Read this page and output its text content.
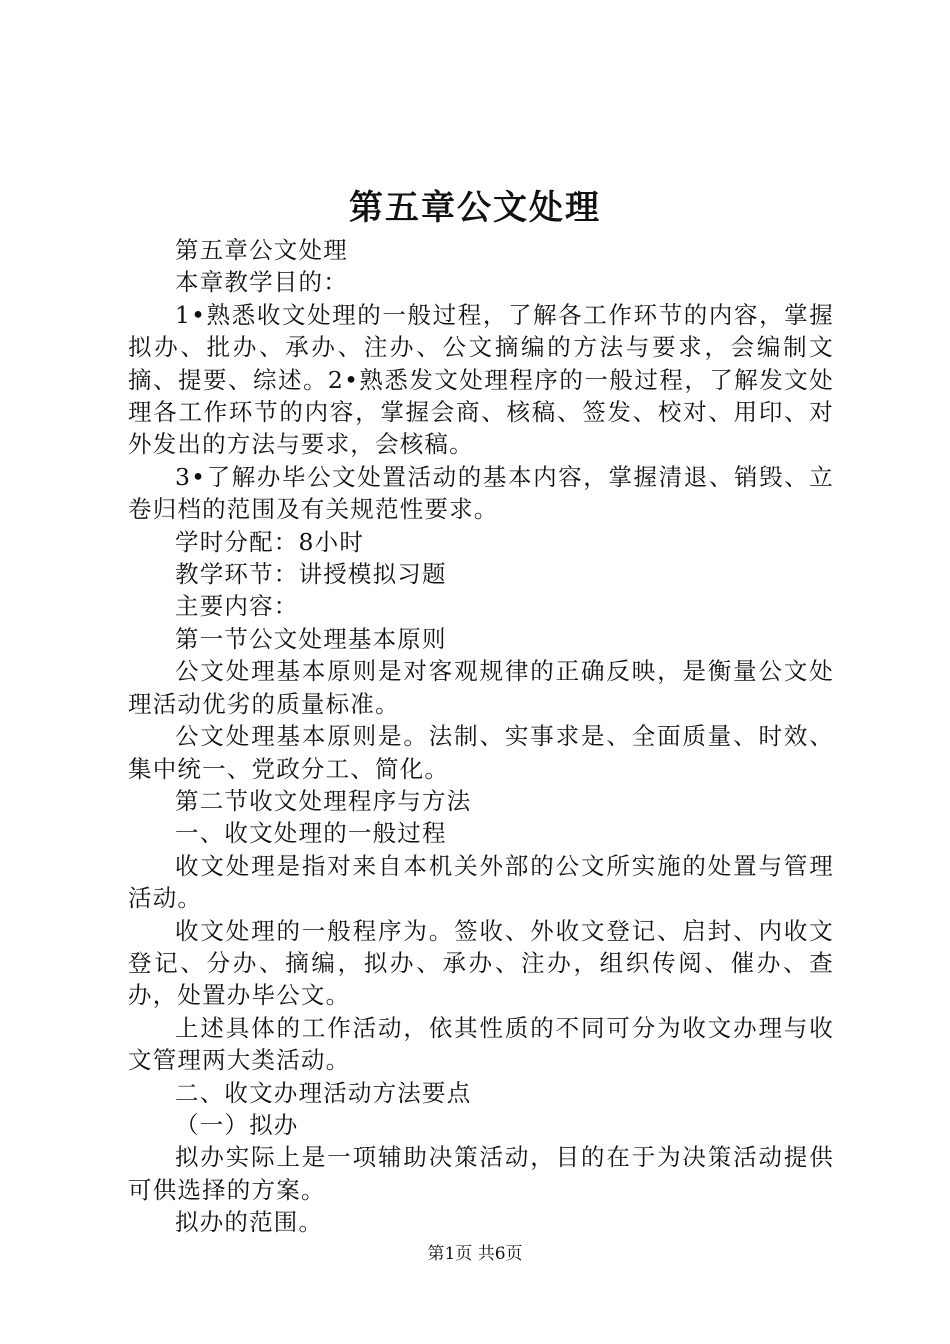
第五章公文处理

第五章公文处理

本章教学目的：

1•熟悉收文处理的一般过程，了解各工作环节的内容，掌握拟办、批办、承办、注办、公文摘编的方法与要求，会编制文摘、提要、综述。2•熟悉发文处理程序的一般过程，了解发文处理各工作环节的内容，掌握会商、核稿、签发、校对、用印、对外发出的方法与要求，会核稿。

3•了解办毕公文处置活动的基本内容，掌握清退、销毁、立卷归档的范围及有关规范性要求。

学时分配：8小时

教学环节：讲授模拟习题

主要内容：

第一节公文处理基本原则

公文处理基本原则是对客观规律的正确反映，是衡量公文处理活动优劣的质量标准。

公文处理基本原则是。法制、实事求是、全面质量、时效、集中统一、党政分工、简化。

第二节收文处理程序与方法

一、收文处理的一般过程

收文处理是指对来自本机关外部的公文所实施的处置与管理活动。

收文处理的一般程序为。签收、外收文登记、启封、内收文登记、分办、摘编，拟办、承办、注办，组织传阅、催办、查办，处置办毕公文。

上述具体的工作活动，依其性质的不同可分为收文办理与收文管理两大类活动。

二、收文办理活动方法要点

（一）拟办

拟办实际上是一项辅助决策活动，目的在于为决策活动提供可供选择的方案。

拟办的范围。

第1页 共6页
